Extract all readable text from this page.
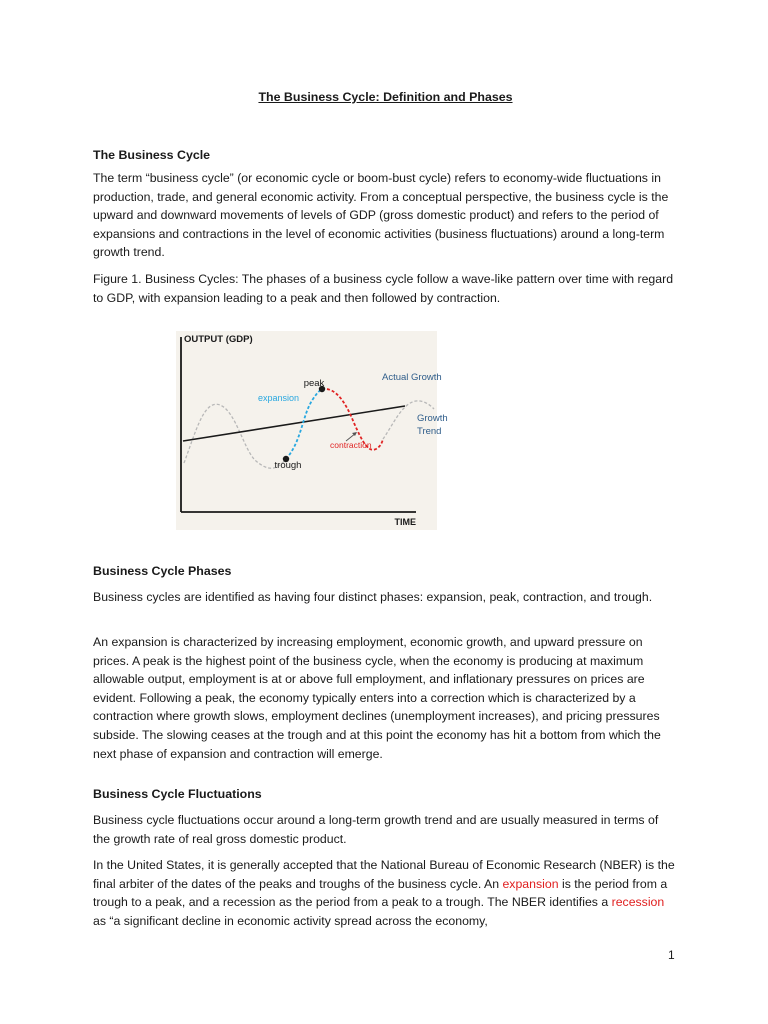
The Business Cycle: Definition and Phases
The Business Cycle

The term “business cycle” (or economic cycle or boom-bust cycle) refers to economy-wide fluctuations in production, trade, and general economic activity. From a conceptual perspective, the business cycle is the upward and downward movements of levels of GDP (gross domestic product) and refers to the period of expansions and contractions in the level of economic activities (business fluctuations) around a long-term growth trend.

Figure 1. Business Cycles: The phases of a business cycle follow a wave-like pattern over time with regard to GDP, with expansion leading to a peak and then followed by contraction.

Business Cycle Phases

Business cycles are identified as having four distinct phases: expansion, peak, contraction, and trough.

An expansion is characterized by increasing employment, economic growth, and upward pressure on prices. A peak is the highest point of the business cycle, when the economy is producing at maximum allowable output, employment is at or above full employment, and inflationary pressures on prices are evident. Following a peak, the economy typically enters into a correction which is characterized by a contraction where growth slows, employment declines (unemployment increases), and pricing pressures subside. The slowing ceases at the trough and at this point the economy has hit a bottom from which the next phase of expansion and contraction will emerge.

Business Cycle Fluctuations

Business cycle fluctuations occur around a long-term growth trend and are usually measured in terms of the growth rate of real gross domestic product.

In the United States, it is generally accepted that the National Bureau of Economic Research (NBER) is the final arbiter of the dates of the peaks and troughs of the business cycle. An expansion is the period from a trough to a peak, and a recession as the period from a peak to a trough. The NBER identifies a recession as “a significant decline in economic activity spread across the economy,

OUTPUT (GDP)
TIME
peak
Actual Growth
expansion
Growth
Trend
contraction
trough
1
